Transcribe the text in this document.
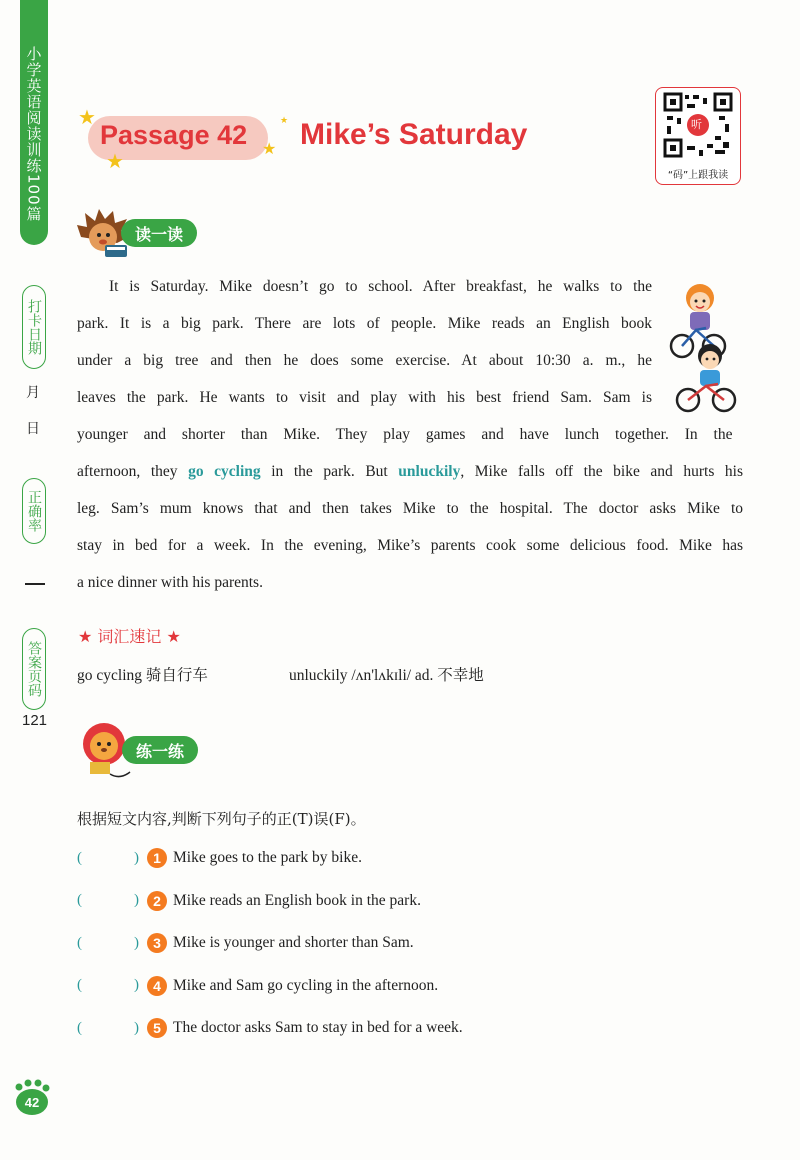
小学英语阅读训练100篇
打卡日期
月
日
正确率
答案页码
121
★
★
★
★
Passage 42 Mike’s Saturday	听
“码”上跟我读
读一读
It is Saturday. Mike doesn’t go to school. After breakfast, he walks to the
park. It is a big park. There are lots of people. Mike reads an English book
under a big tree and then he does some exercise. At about 10:30 a. m., he
leaves the park. He wants to visit and play with his best friend Sam. Sam is
younger and shorter than Mike. They play games and have lunch together. In the
afternoon, they go cycling in the park. But unluckily, Mike falls off the bike and hurts his
leg. Sam’s mum knows that and then takes Mike to the hospital. The doctor asks Mike to
stay in bed for a week. In the evening, Mike’s parents cook some delicious food. Mike has
a nice dinner with his parents.
★ 词汇速记 ★
go cycling 骑自行车	unluckily /ʌn'lʌkɪli/ ad. 不幸地
练一练
根据短文内容,判断下列句子的正(T)误(F)。
(	)	1 Mike goes to the park by bike.
(	)	2 Mike reads an English book in the park.
(	)	3 Mike is younger and shorter than Sam.
(	)	4 Mike and Sam go cycling in the afternoon.
(	)	5 The doctor asks Sam to stay in bed for a week.
42
